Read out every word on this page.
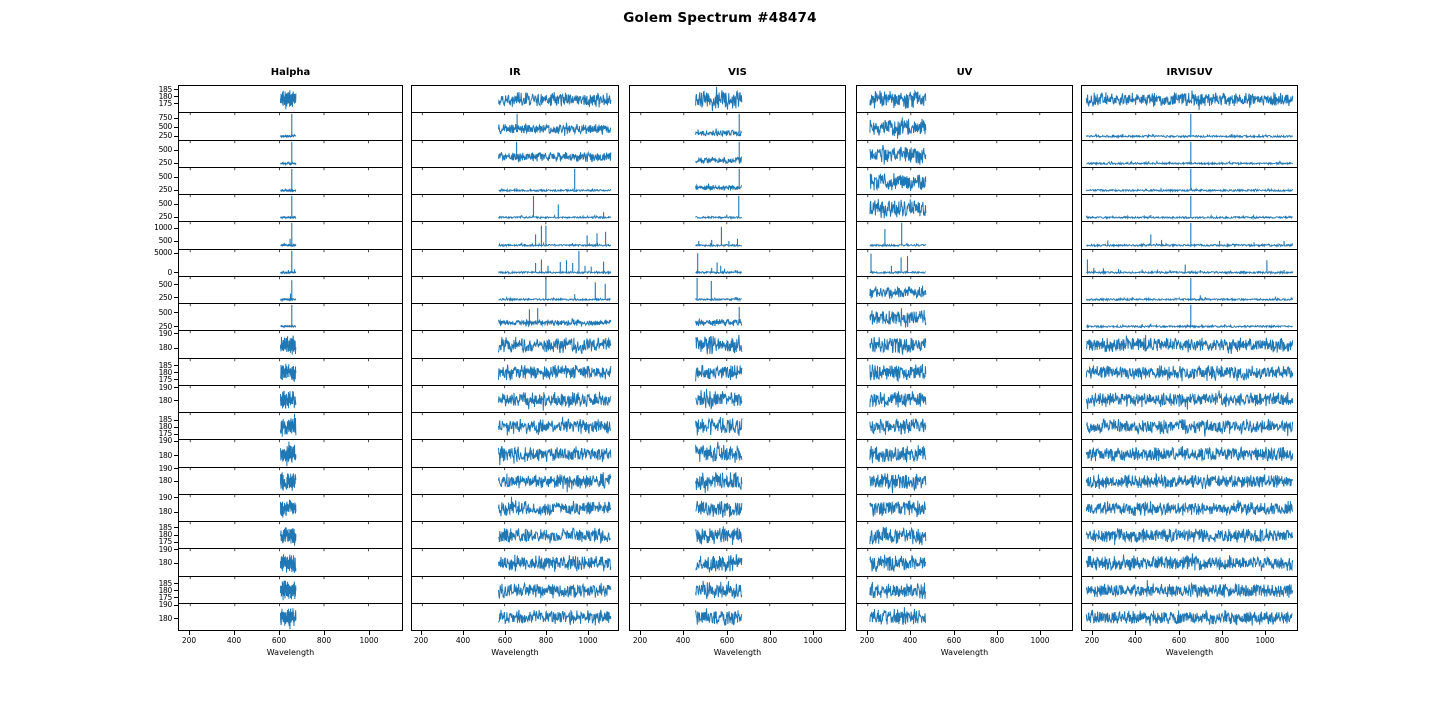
Golem Spectrum #48474
Halpha	IR	VIS	UV	IRVISUV
185
180
175
750
500
250
500
250
500
250
500
250
1000
500
5000
0
500
250
500
250
190
180
185
180
175
190
180
185
180
175
190
180
190
180
190
180
185
180
175
190
180
185
180
175
190
180
200	400	600	800	1000
Wavelength
200	400	600	800	1000
Wavelength
200	400	600	800	1000
Wavelength
200	400	600	800	1000
Wavelength
200	400	600	800	1000
Wavelength
